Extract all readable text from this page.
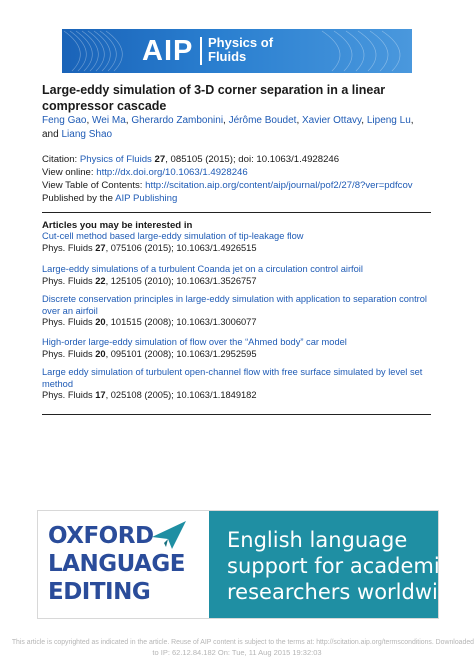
AIP Physics of
Fluids
Large-eddy simulation of 3-D corner separation in a linear compressor cascade
Feng Gao, Wei Ma, Gherardo Zambonini, Jérôme Boudet, Xavier Ottavy, Lipeng Lu, and Liang Shao
Citation: Physics of Fluids 27, 085105 (2015); doi: 10.1063/1.4928246
View online: http://dx.doi.org/10.1063/1.4928246
View Table of Contents: http://scitation.aip.org/content/aip/journal/pof2/27/8?ver=pdfcov
Published by the AIP Publishing
Articles you may be interested in
Cut-cell method based large-eddy simulation of tip-leakage flow
Phys. Fluids 27, 075106 (2015); 10.1063/1.4926515
Large-eddy simulations of a turbulent Coanda jet on a circulation control airfoil
Phys. Fluids 22, 125105 (2010); 10.1063/1.3526757
Discrete conservation principles in large-eddy simulation with application to separation control over an airfoil
Phys. Fluids 20, 101515 (2008); 10.1063/1.3006077
High-order large-eddy simulation of flow over the “Ahmed body” car model
Phys. Fluids 20, 095101 (2008); 10.1063/1.2952595
Large eddy simulation of turbulent open-channel flow with free surface simulated by level set method
Phys. Fluids 17, 025108 (2005); 10.1063/1.1849182
OXFORD
LANGUAGE
EDITING
English language
support for academic
researchers worldwide
This article is copyrighted as indicated in the article. Reuse of AIP content is subject to the terms at: http://scitation.aip.org/termsconditions. Downloaded
to IP: 62.12.84.182 On: Tue, 11 Aug 2015 19:32:03
